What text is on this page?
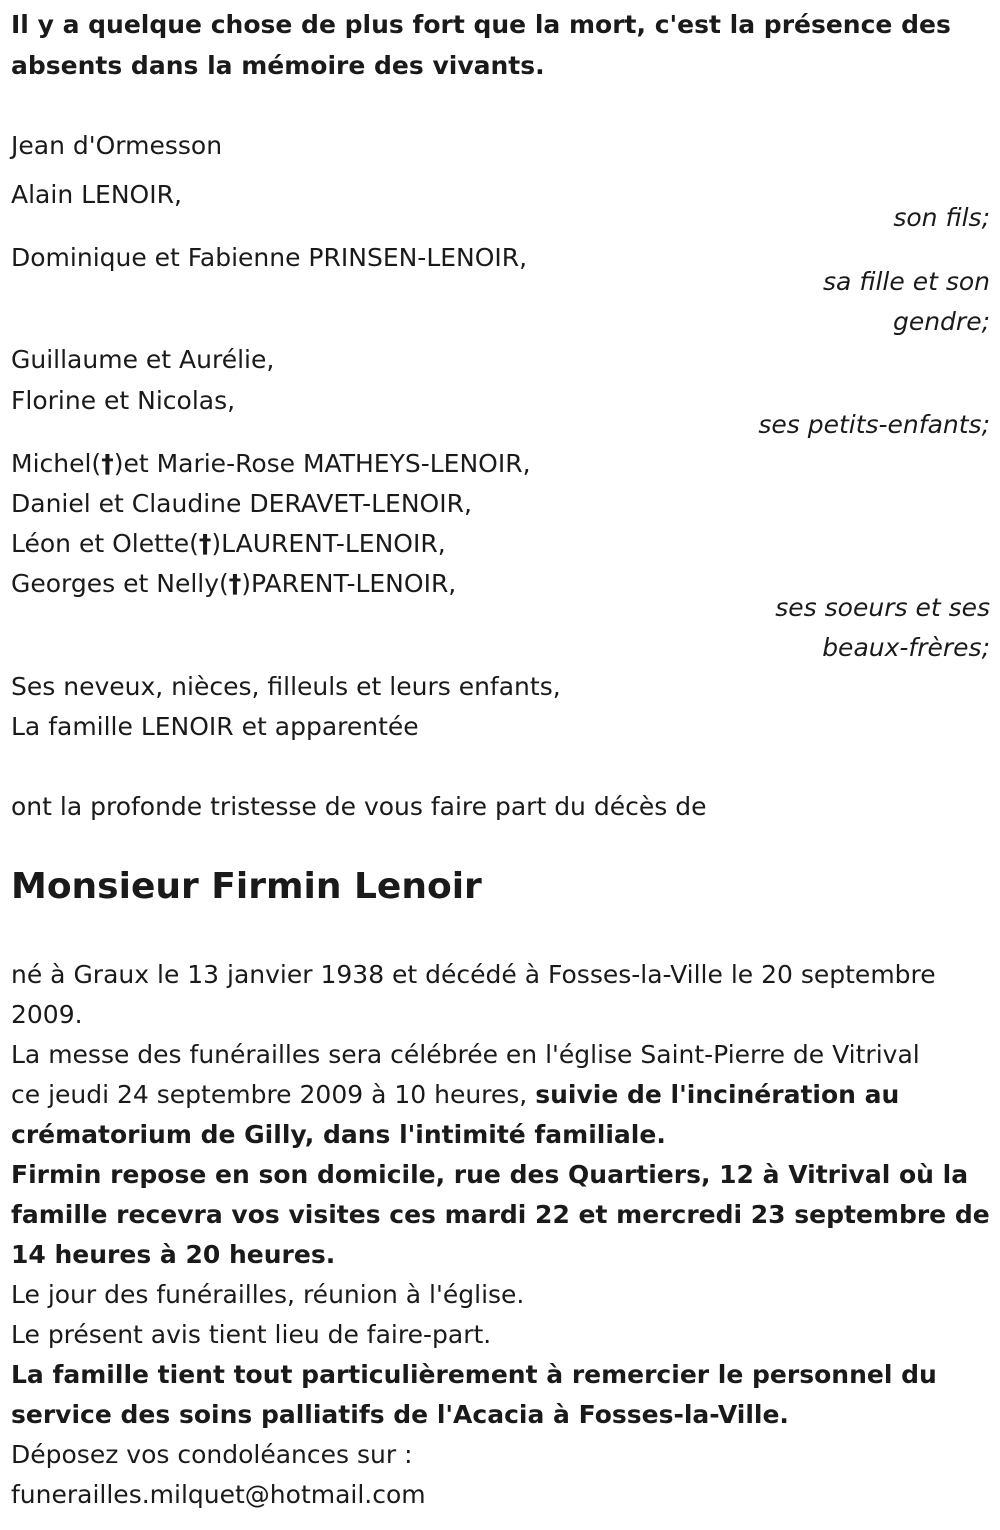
Il y a quelque chose de plus fort que la mort, c'est la présence des
absents dans la mémoire des vivants.
Jean d'Ormesson
Alain LENOIR,
son fils;
Dominique et Fabienne PRINSEN-LENOIR,
sa fille et son
gendre;
Guillaume et Aurélie,
Florine et Nicolas,
ses petits-enfants;
Michel(†)et Marie-Rose MATHEYS-LENOIR,
Daniel et Claudine DERAVET-LENOIR,
Léon et Olette(†)LAURENT-LENOIR,
Georges et Nelly(†)PARENT-LENOIR,
ses soeurs et ses
beaux-frères;
Ses neveux, nièces, filleuls et leurs enfants,
La famille LENOIR et apparentée
ont la profonde tristesse de vous faire part du décès de
Monsieur Firmin Lenoir
né à Graux le 13 janvier 1938 et décédé à Fosses-la-Ville le 20 septembre
2009.
La messe des funérailles sera célébrée en l'église Saint-Pierre de Vitrival
ce jeudi 24 septembre 2009 à 10 heures, suivie de l'incinération au
crématorium de Gilly, dans l'intimité familiale.
Firmin repose en son domicile, rue des Quartiers, 12 à Vitrival où la
famille recevra vos visites ces mardi 22 et mercredi 23 septembre de
14 heures à 20 heures.
Le jour des funérailles, réunion à l'église.
Le présent avis tient lieu de faire-part.
La famille tient tout particulièrement à remercier le personnel du
service des soins palliatifs de l'Acacia à Fosses-la-Ville.
Déposez vos condoléances sur :
funerailles.milquet@hotmail.com
